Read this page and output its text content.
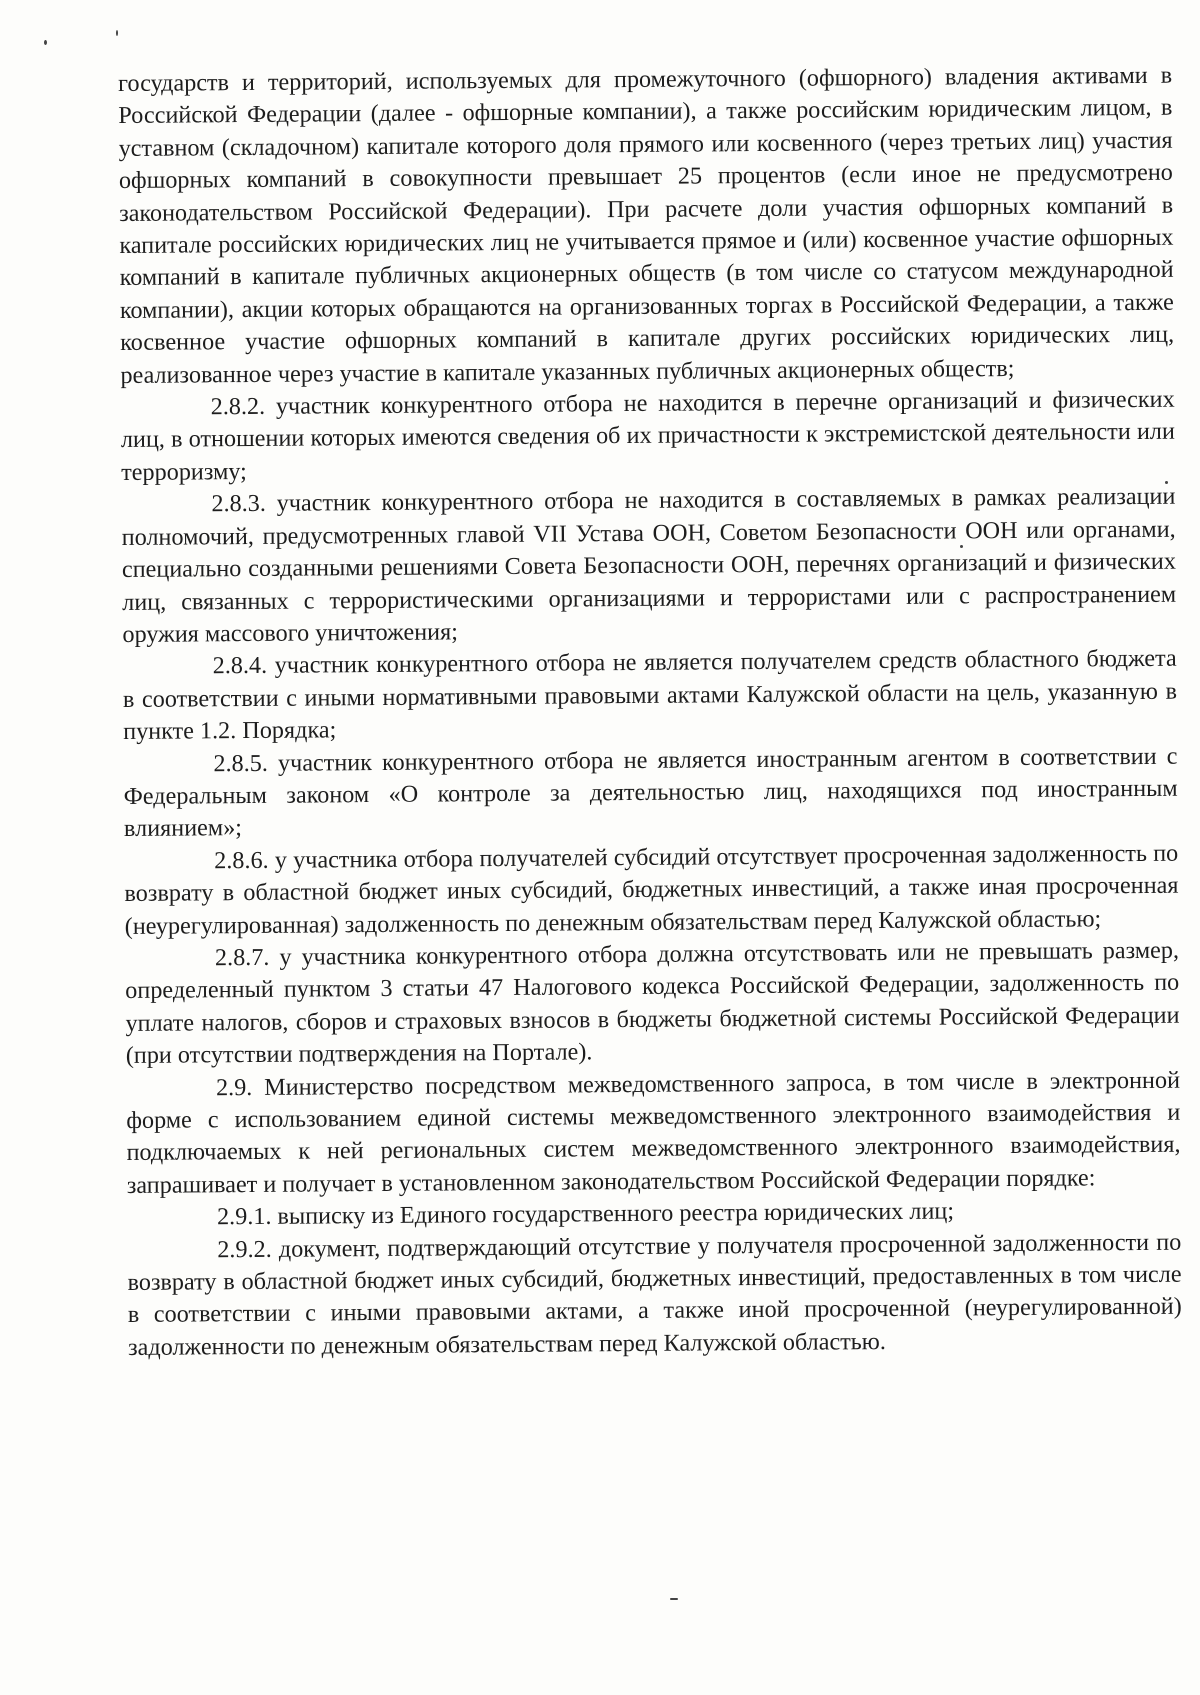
государств и территорий, используемых для промежуточного (офшорного) владения активами в Российской Федерации (далее - офшорные компании), а также российским юридическим лицом, в уставном (складочном) капитале которого доля прямого или косвенного (через третьих лиц) участия офшорных компаний в совокупности превышает 25 процентов (если иное не предусмотрено законодательством Российской Федерации). При расчете доли участия офшорных компаний в капитале российских юридических лиц не учитывается прямое и (или) косвенное участие офшорных компаний в капитале публичных акционерных обществ (в том числе со статусом международной компании), акции которых обращаются на организованных торгах в Российской Федерации, а также косвенное участие офшорных компаний в капитале других российских юридических лиц, реализованное через участие в капитале указанных публичных акционерных обществ;

2.8.2. участник конкурентного отбора не находится в перечне организаций и физических лиц, в отношении которых имеются сведения об их причастности к экстремистской деятельности или терроризму;

2.8.3. участник конкурентного отбора не находится в составляемых в рамках реализации полномочий, предусмотренных главой VII Устава ООН, Советом Безопасности ООН или органами, специально созданными решениями Совета Безопасности ООН, перечнях организаций и физических лиц, связанных с террористическими организациями и террористами или с распространением оружия массового уничтожения;

2.8.4. участник конкурентного отбора не является получателем средств областного бюджета в соответствии с иными нормативными правовыми актами Калужской области на цель, указанную в пункте 1.2. Порядка;

2.8.5. участник конкурентного отбора не является иностранным агентом в соответствии с Федеральным законом «О контроле за деятельностью лиц, находящихся под иностранным влиянием»;

2.8.6. у участника отбора получателей субсидий отсутствует просроченная задолженность по возврату в областной бюджет иных субсидий, бюджетных инвестиций, а также иная просроченная (неурегулированная) задолженность по денежным обязательствам перед Калужской областью;

2.8.7. у участника конкурентного отбора должна отсутствовать или не превышать размер, определенный пунктом 3 статьи 47 Налогового кодекса Российской Федерации, задолженность по уплате налогов, сборов и страховых взносов в бюджеты бюджетной системы Российской Федерации (при отсутствии подтверждения на Портале).

2.9. Министерство посредством межведомственного запроса, в том числе в электронной форме с использованием единой системы межведомственного электронного взаимодействия и подключаемых к ней региональных систем межведомственного электронного взаимодействия, запрашивает и получает в установленном законодательством Российской Федерации порядке:

2.9.1. выписку из Единого государственного реестра юридических лиц;

2.9.2. документ, подтверждающий отсутствие у получателя просроченной задолженности по возврату в областной бюджет иных субсидий, бюджетных инвестиций, предоставленных в том числе в соответствии с иными правовыми актами, а также иной просроченной (неурегулированной) задолженности по денежным обязательствам перед Калужской областью.
